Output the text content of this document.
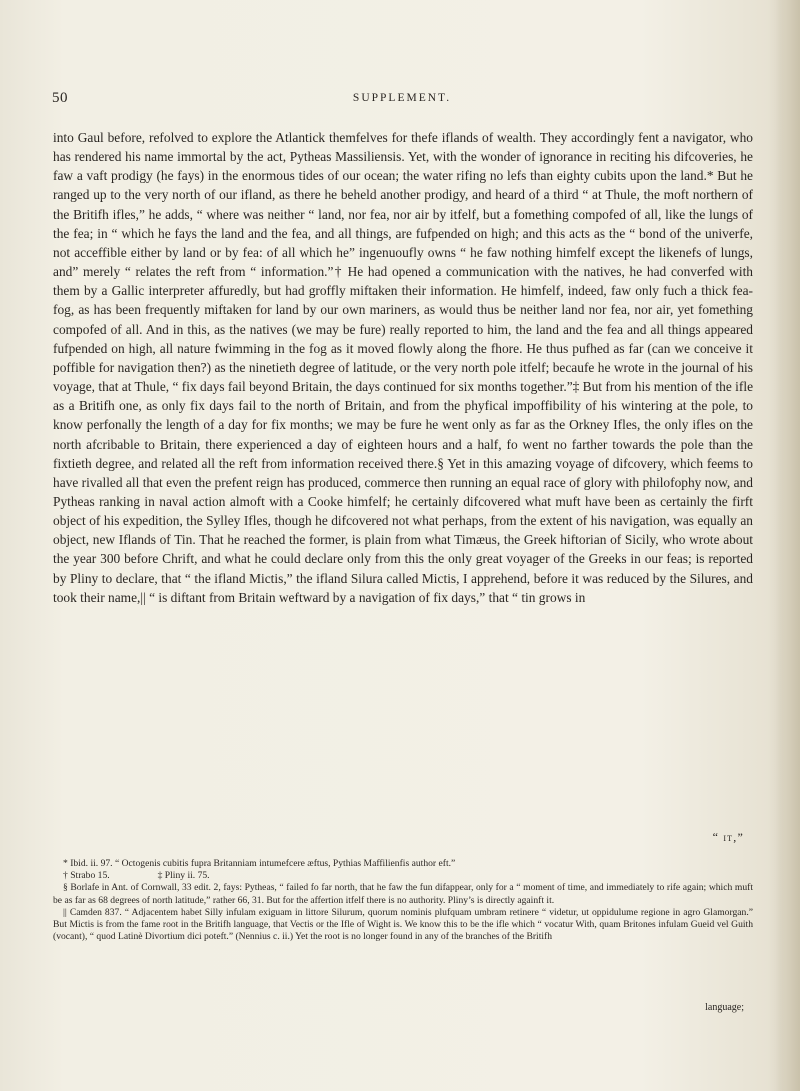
50	SUPPLEMENT.

into Gaul before, refolved to explore the Atlantick themfelves for thefe iflands of wealth. They accordingly fent a navigator, who has rendered his name immortal by the act, Pytheas Massiliensis. Yet, with the wonder of ignorance in reciting his difcoveries, he faw a vaft prodigy (he fays) in the enormous tides of our ocean; the water rifing no lefs than eighty cubits upon the land.* But he ranged up to the very north of our ifland, as there he beheld another prodigy, and heard of a third “ at Thule, the moft northern of the Britifh ifles,” he adds, “ where was neither “ land, nor fea, nor air by itfelf, but a fomething compofed of all, like the lungs of the fea; in “ which he fays the land and the fea, and all things, are fufpended on high; and this acts as the “ bond of the univerfe, not acceffible either by land or by fea: of all which he” ingenuoufly owns “ he faw nothing himfelf except the likenefs of lungs, and” merely “ relates the reft from “ information.”† He had opened a communication with the natives, he had converfed with them by a Gallic interpreter affuredly, but had groffly miftaken their information. He himfelf, indeed, faw only fuch a thick fea-fog, as has been frequently miftaken for land by our own mariners, as would thus be neither land nor fea, nor air, yet fomething compofed of all. And in this, as the natives (we may be fure) really reported to him, the land and the fea and all things appeared fufpended on high, all nature fwimming in the fog as it moved flowly along the fhore. He thus pufhed as far (can we conceive it poffible for navigation then?) as the ninetieth degree of latitude, or the very north pole itfelf; becaufe he wrote in the journal of his voyage, that at Thule, “ fix days fail beyond Britain, the days continued for six months together.”‡ But from his mention of the ifle as a Britifh one, as only fix days fail to the north of Britain, and from the phyfical impoffibility of his wintering at the pole, to know perfonally the length of a day for fix months; we may be fure he went only as far as the Orkney Ifles, the only ifles on the north afcribable to Britain, there experienced a day of eighteen hours and a half, fo went no farther towards the pole than the fixtieth degree, and related all the reft from information received there.§ Yet in this amazing voyage of difcovery, which feems to have rivalled all that even the prefent reign has produced, commerce then running an equal race of glory with philofophy now, and Pytheas ranking in naval action almoft with a Cooke himfelf; he certainly difcovered what muft have been as certainly the firft object of his expedition, the Sylley Ifles, though he difcovered not what perhaps, from the extent of his navigation, was equally an object, new Iflands of Tin. That he reached the former, is plain from what Timæus, the Greek hiftorian of Sicily, who wrote about the year 300 before Chrift, and what he could declare only from this the only great voyager of the Greeks in our feas; is reported by Pliny to declare, that “ the ifland Mictis,” the ifland Silura called Mictis, I apprehend, before it was reduced by the Silures, and took their name,|| “ is diftant from Britain weftward by a navigation of fix days,” that “ tin grows in

“ it,”

* Ibid. ii. 97. “ Octogenis cubitis fupra Britanniam intumefcere æftus, Pythias Maffilienfis author eft.”

† Strabo 15.                    ‡ Pliny ii. 75.

§ Borlafe in Ant. of Cornwall, 33 edit. 2, fays: Pytheas, “ failed fo far north, that he faw the fun difappear, only for a “ moment of time, and immediately to rife again; which muft be as far as 68 degrees of north latitude,” rather 66, 31. But for the affertion itfelf there is no authority. Pliny’s is directly againft it.

|| Camden 837. “ Adjacentem habet Silly infulam exiguam in littore Silurum, quorum nominis plufquam umbram retinere “ videtur, ut oppidulume regione in agro Glamorgan.” But Mictis is from the fame root in the Britifh language, that Vectis or the Ifle of Wight is. We know this to be the ifle which “ vocatur With, quam Britones infulam Gueid vel Guith (vocant), “ quod Latinè Divortium dici poteft.” (Nennius c. ii.) Yet the root is no longer found in any of the branches of the Britifh

language;
